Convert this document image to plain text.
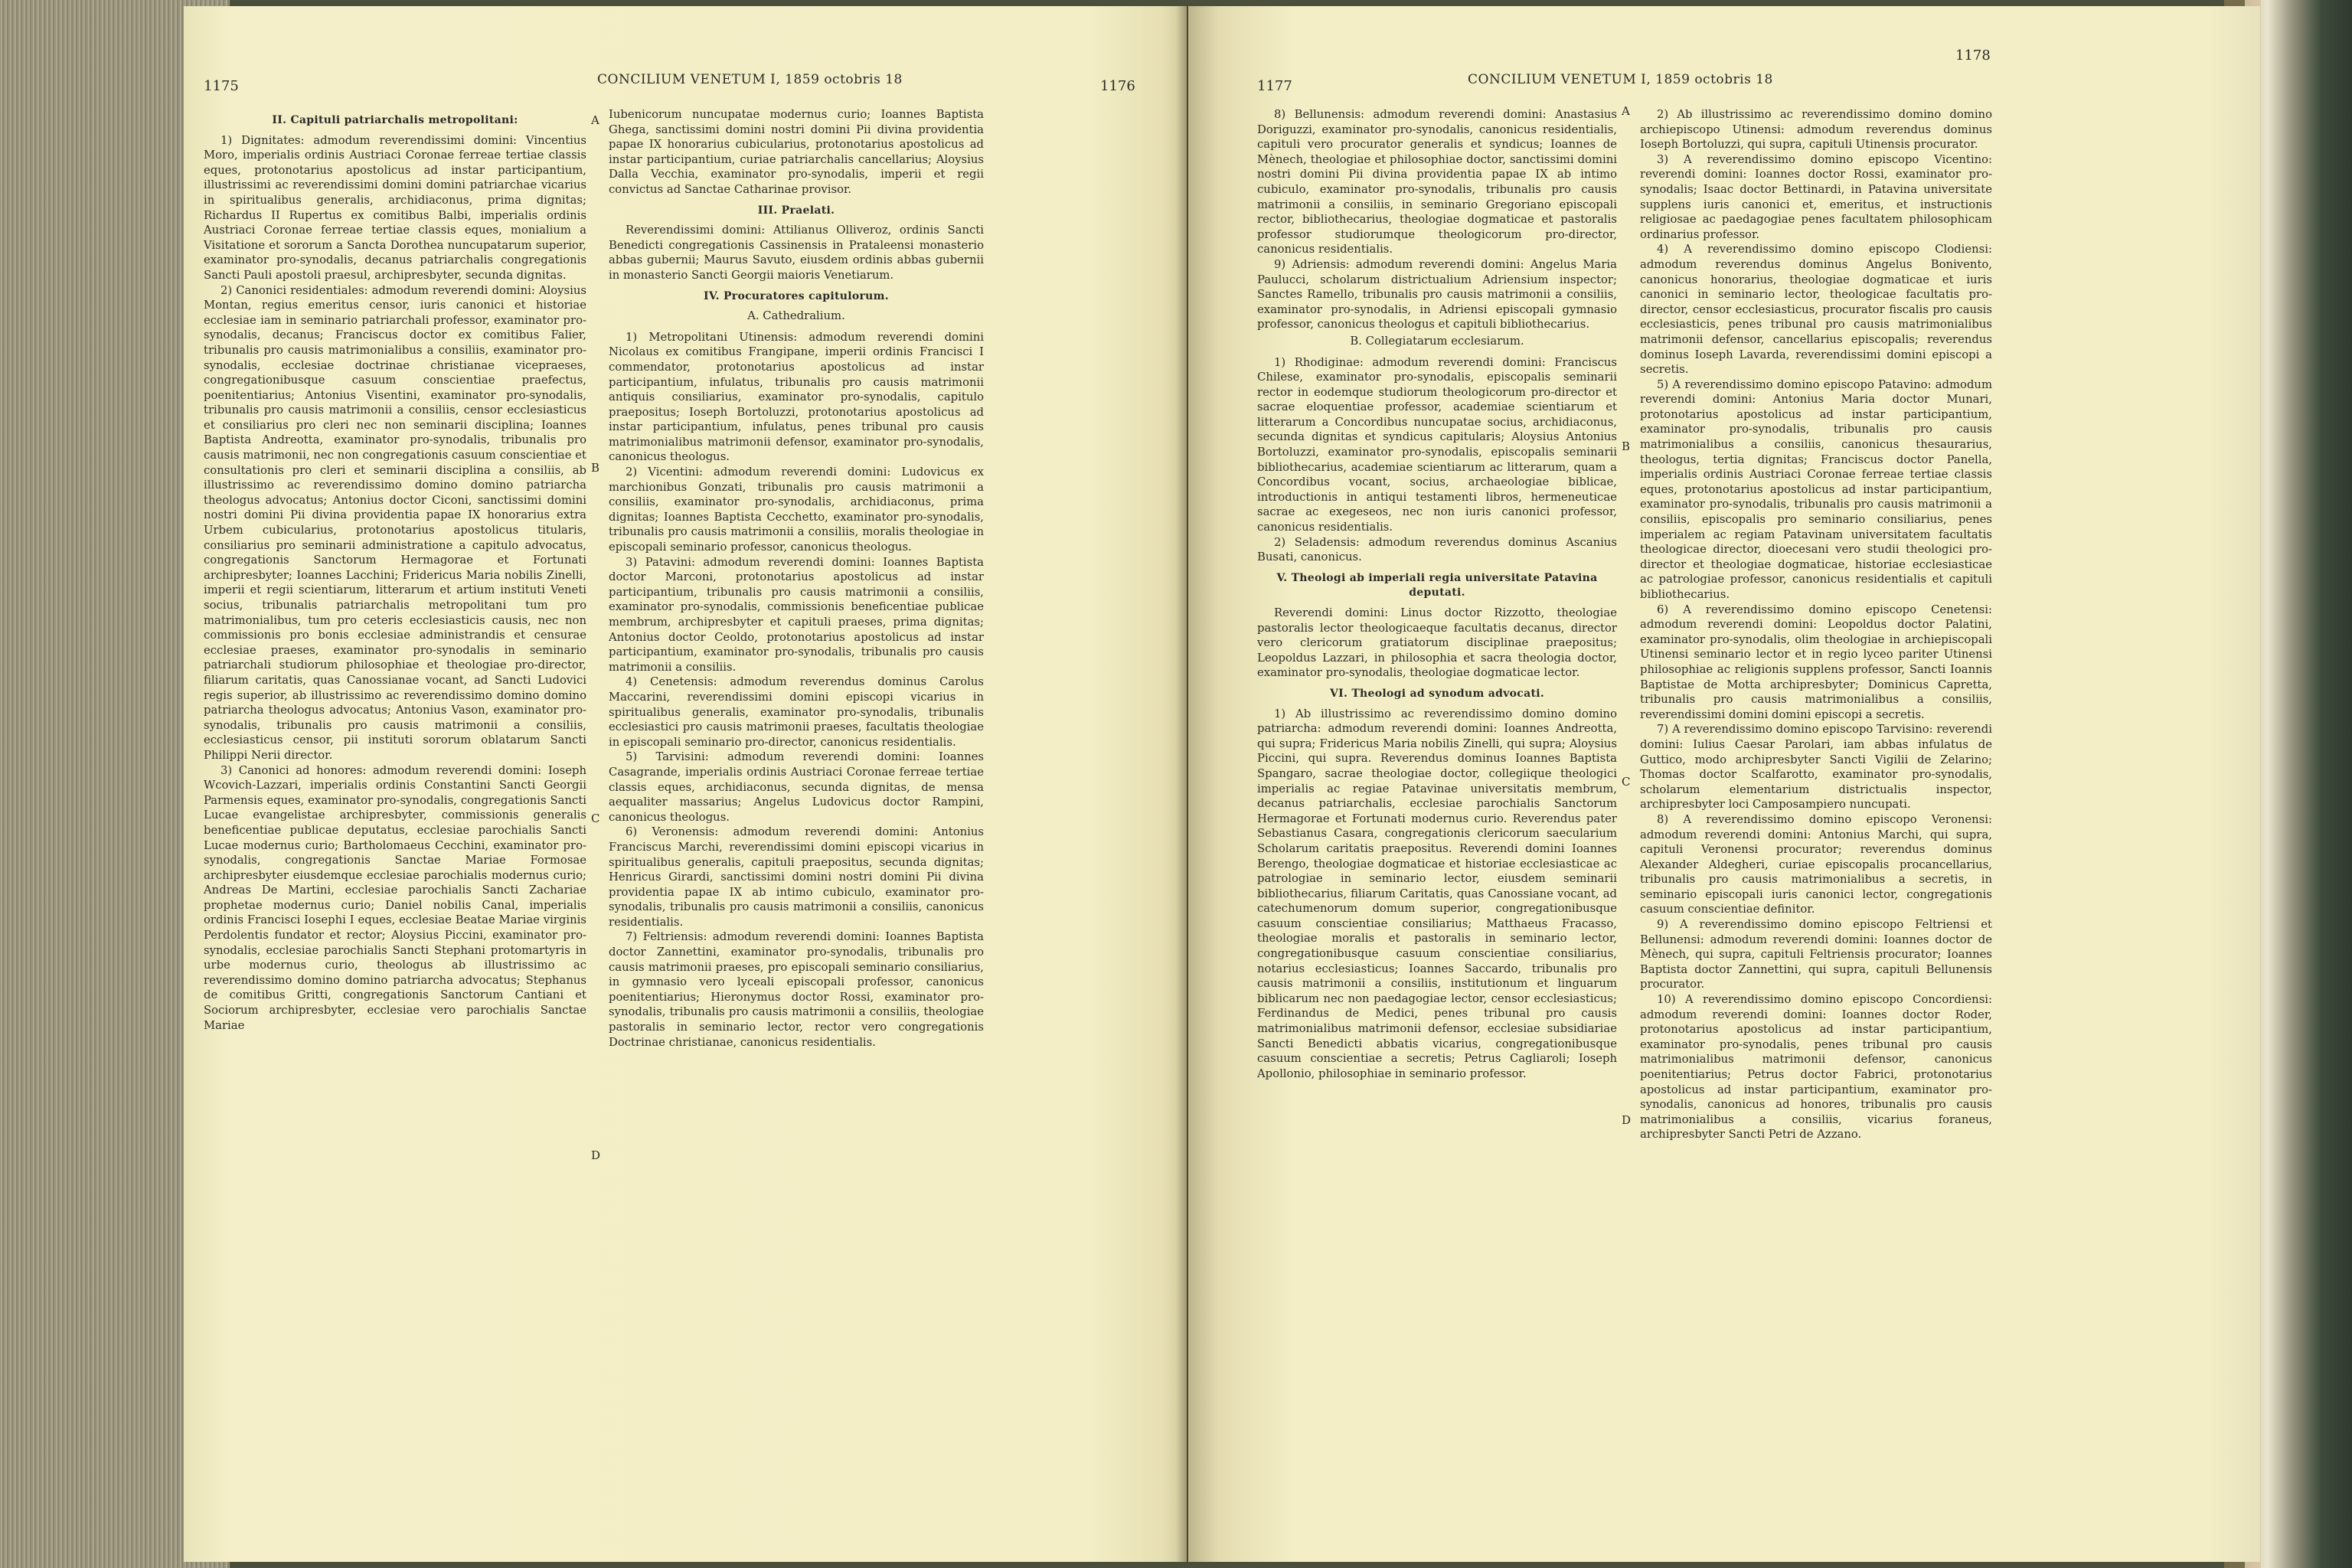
1175	CONCILIUM VENETUM I, 1859 octobris 18	1176
II. Capituli patriarchalis metropolitani:

1) Dignitates: admodum reverendissimi domini: Vincentius Moro, imperialis ordinis Austriaci Coronae ferreae tertiae classis eques, protonotarius apostolicus ad instar participantium, illustrissimi ac reverendissimi domini domini patriarchae vicarius in spiritualibus generalis, archidiaconus, prima dignitas; Richardus II Rupertus ex comitibus Balbi, imperialis ordinis Austriaci Coronae ferreae tertiae classis eques, monialium a Visitatione et sororum a Sancta Dorothea nuncupatarum superior, examinator pro-synodalis, decanus patriarchalis congregationis Sancti Pauli apostoli praesul, archipresbyter, secunda dignitas.

2) Canonici residentiales: admodum reverendi domini: Aloysius Montan, regius emeritus censor, iuris canonici et historiae ecclesiae iam in seminario patriarchali professor, examinator pro-synodalis, decanus; Franciscus doctor ex comitibus Falier, tribunalis pro causis matrimonialibus a consiliis, examinator pro-synodalis, ecclesiae doctrinae christianae vicepraeses, congregationibusque casuum conscientiae praefectus, poenitentiarius; Antonius Visentini, examinator pro-synodalis, tribunalis pro causis matrimonii a consiliis, censor ecclesiasticus et consiliarius pro cleri nec non seminarii disciplina; Ioannes Baptista Andreotta, examinator pro-synodalis, tribunalis pro causis matrimonii, nec non congregationis casuum conscientiae et consultationis pro cleri et seminarii disciplina a consiliis, ab illustrissimo ac reverendissimo domino domino patriarcha theologus advocatus; Antonius doctor Ciconi, sanctissimi domini nostri domini Pii divina providentia papae IX honorarius extra Urbem cubicularius, protonotarius apostolicus titularis, consiliarius pro seminarii administratione a capitulo advocatus, congregationis Sanctorum Hermagorae et Fortunati archipresbyter; Ioannes Lacchini; Fridericus Maria nobilis Zinelli, imperii et regii scientiarum, litterarum et artium instituti Veneti socius, tribunalis patriarchalis metropolitani tum pro matrimonialibus, tum pro ceteris ecclesiasticis causis, nec non commissionis pro bonis ecclesiae administrandis et censurae ecclesiae praeses, examinator pro-synodalis in seminario patriarchali studiorum philosophiae et theologiae pro-director, filiarum caritatis, quas Canossianae vocant, ad Sancti Ludovici regis superior, ab illustrissimo ac reverendissimo domino domino patriarcha theologus advocatus; Antonius Vason, examinator pro-synodalis, tribunalis pro causis matrimonii a consiliis, ecclesiasticus censor, pii instituti sororum oblatarum Sancti Philippi Nerii director.

3) Canonici ad honores: admodum reverendi domini: Ioseph Wcovich-Lazzari, imperialis ordinis Constantini Sancti Georgii Parmensis eques, examinator pro-synodalis, congregationis Sancti Lucae evangelistae archipresbyter, commissionis generalis beneficentiae publicae deputatus, ecclesiae parochialis Sancti Lucae modernus curio; Bartholomaeus Cecchini, examinator pro-synodalis, congregationis Sanctae Mariae Formosae archipresbyter eiusdemque ecclesiae parochialis modernus curio; Andreas De Martini, ecclesiae parochialis Sancti Zachariae prophetae modernus curio; Daniel nobilis Canal, imperialis ordinis Francisci Iosephi I eques, ecclesiae Beatae Mariae virginis Perdolentis fundator et rector; Aloysius Piccini, examinator pro-synodalis, ecclesiae parochialis Sancti Stephani protomartyris in urbe modernus curio, theologus ab illustrissimo ac reverendissimo domino domino patriarcha advocatus; Stephanus de comitibus Gritti, congregationis Sanctorum Cantiani et Sociorum archipresbyter, ecclesiae vero parochialis Sanctae Mariae

Iubenicorum nuncupatae modernus curio; Ioannes Baptista Ghega, sanctissimi domini nostri domini Pii divina providentia papae IX honorarius cubicularius, protonotarius apostolicus ad instar participantium, curiae patriarchalis cancellarius; Aloysius Dalla Vecchia, examinator pro-synodalis, imperii et regii convictus ad Sanctae Catharinae provisor.

III. Praelati.

Reverendissimi domini: Attilianus Olliveroz, ordinis Sancti Benedicti congregationis Cassinensis in Prataleensi monasterio abbas gubernii; Maurus Savuto, eiusdem ordinis abbas gubernii in monasterio Sancti Georgii maioris Venetiarum.

IV. Procuratores capitulorum.

A. Cathedralium.

1) Metropolitani Utinensis: admodum reverendi domini Nicolaus ex comitibus Frangipane, imperii ordinis Francisci I commendator, protonotarius apostolicus ad instar participantium, infulatus, tribunalis pro causis matrimonii antiquis consiliarius, examinator pro-synodalis, capitulo praepositus; Ioseph Bortoluzzi, protonotarius apostolicus ad instar participantium, infulatus, penes tribunal pro causis matrimonialibus matrimonii defensor, examinator pro-synodalis, canonicus theologus.

2) Vicentini: admodum reverendi domini: Ludovicus ex marchionibus Gonzati, tribunalis pro causis matrimonii a consiliis, examinator pro-synodalis, archidiaconus, prima dignitas; Ioannes Baptista Cecchetto, examinator pro-synodalis, tribunalis pro causis matrimonii a consiliis, moralis theologiae in episcopali seminario professor, canonicus theologus.

3) Patavini: admodum reverendi domini: Ioannes Baptista doctor Marconi, protonotarius apostolicus ad instar participantium, tribunalis pro causis matrimonii a consiliis, examinator pro-synodalis, commissionis beneficentiae publicae membrum, archipresbyter et capituli praeses, prima dignitas; Antonius doctor Ceoldo, protonotarius apostolicus ad instar participantium, examinator pro-synodalis, tribunalis pro causis matrimonii a consiliis.

4) Cenetensis: admodum reverendus dominus Carolus Maccarini, reverendissimi domini episcopi vicarius in spiritualibus generalis, examinator pro-synodalis, tribunalis ecclesiastici pro causis matrimonii praeses, facultatis theologiae in episcopali seminario pro-director, canonicus residentialis.

5) Tarvisini: admodum reverendi domini: Ioannes Casagrande, imperialis ordinis Austriaci Coronae ferreae tertiae classis eques, archidiaconus, secunda dignitas, de mensa aequaliter massarius; Angelus Ludovicus doctor Rampini, canonicus theologus.

6) Veronensis: admodum reverendi domini: Antonius Franciscus Marchi, reverendissimi domini episcopi vicarius in spiritualibus generalis, capituli praepositus, secunda dignitas; Henricus Girardi, sanctissimi domini nostri domini Pii divina providentia papae IX ab intimo cubiculo, examinator pro-synodalis, tribunalis pro causis matrimonii a consiliis, canonicus residentialis.

7) Feltriensis: admodum reverendi domini: Ioannes Baptista doctor Zannettini, examinator pro-synodalis, tribunalis pro causis matrimonii praeses, pro episcopali seminario consiliarius, in gymnasio vero lyceali episcopali professor, canonicus poenitentiarius; Hieronymus doctor Rossi, examinator pro-synodalis, tribunalis pro causis matrimonii a consiliis, theologiae pastoralis in seminario lector, rector vero congregationis Doctrinae christianae, canonicus residentialis.

A
B
C
D
1177	CONCILIUM VENETUM I, 1859 octobris 18
1178

8) Bellunensis: admodum reverendi domini: Anastasius Doriguzzi, examinator pro-synodalis, canonicus residentialis, capituli vero procurator generalis et syndicus; Ioannes de Mènech, theologiae et philosophiae doctor, sanctissimi domini nostri domini Pii divina providentia papae IX ab intimo cubiculo, examinator pro-synodalis, tribunalis pro causis matrimonii a consiliis, in seminario Gregoriano episcopali rector, bibliothecarius, theologiae dogmaticae et pastoralis professor studiorumque theologicorum pro-director, canonicus residentialis.

9) Adriensis: admodum reverendi domini: Angelus Maria Paulucci, scholarum districtualium Adriensium inspector; Sanctes Ramello, tribunalis pro causis matrimonii a consiliis, examinator pro-synodalis, in Adriensi episcopali gymnasio professor, canonicus theologus et capituli bibliothecarius.

B. Collegiatarum ecclesiarum.

1) Rhodiginae: admodum reverendi domini: Franciscus Chilese, examinator pro-synodalis, episcopalis seminarii rector in eodemque studiorum theologicorum pro-director et sacrae eloquentiae professor, academiae scientiarum et litterarum a Concordibus nuncupatae socius, archidiaconus, secunda dignitas et syndicus capitularis; Aloysius Antonius Bortoluzzi, examinator pro-synodalis, episcopalis seminarii bibliothecarius, academiae scientiarum ac litterarum, quam a Concordibus vocant, socius, archaeologiae biblicae, introductionis in antiqui testamenti libros, hermeneuticae sacrae ac exegeseos, nec non iuris canonici professor, canonicus residentialis.

2) Seladensis: admodum reverendus dominus Ascanius Busati, canonicus.

V. Theologi ab imperiali regia universitate Patavina deputati.

Reverendi domini: Linus doctor Rizzotto, theologiae pastoralis lector theologicaeque facultatis decanus, director vero clericorum gratiatorum disciplinae praepositus; Leopoldus Lazzari, in philosophia et sacra theologia doctor, examinator pro-synodalis, theologiae dogmaticae lector.

VI. Theologi ad synodum advocati.

1) Ab illustrissimo ac reverendissimo domino domino patriarcha: admodum reverendi domini: Ioannes Andreotta, qui supra; Fridericus Maria nobilis Zinelli, qui supra; Aloysius Piccini, qui supra. Reverendus dominus Ioannes Baptista Spangaro, sacrae theologiae doctor, collegiique theologici imperialis ac regiae Patavinae universitatis membrum, decanus patriarchalis, ecclesiae parochialis Sanctorum Hermagorae et Fortunati modernus curio. Reverendus pater Sebastianus Casara, congregationis clericorum saecularium Scholarum caritatis praepositus. Reverendi domini Ioannes Berengo, theologiae dogmaticae et historiae ecclesiasticae ac patrologiae in seminario lector, eiusdem seminarii bibliothecarius, filiarum Caritatis, quas Canossiane vocant, ad catechumenorum domum superior, congregationibusque casuum conscientiae consiliarius; Matthaeus Fracasso, theologiae moralis et pastoralis in seminario lector, congregationibusque casuum conscientiae consiliarius, notarius ecclesiasticus; Ioannes Saccardo, tribunalis pro causis matrimonii a consiliis, institutionum et linguarum biblicarum nec non paedagogiae lector, censor ecclesiasticus; Ferdinandus de Medici, penes tribunal pro causis matrimonialibus matrimonii defensor, ecclesiae subsidiariae Sancti Benedicti abbatis vicarius, congregationibusque casuum conscientiae a secretis; Petrus Cagliaroli; Ioseph Apollonio, philosophiae in seminario professor.

2) Ab illustrissimo ac reverendissimo domino domino archiepiscopo Utinensi: admodum reverendus dominus Ioseph Bortoluzzi, qui supra, capituli Utinensis procurator.

3) A reverendissimo domino episcopo Vicentino: reverendi domini: Ioannes doctor Rossi, examinator pro-synodalis; Isaac doctor Bettinardi, in Patavina universitate supplens iuris canonici et, emeritus, et instructionis religiosae ac paedagogiae penes facultatem philosophicam ordinarius professor.

4) A reverendissimo domino episcopo Clodiensi: admodum reverendus dominus Angelus Bonivento, canonicus honorarius, theologiae dogmaticae et iuris canonici in seminario lector, theologicae facultatis pro-director, censor ecclesiasticus, procurator fiscalis pro causis ecclesiasticis, penes tribunal pro causis matrimonialibus matrimonii defensor, cancellarius episcopalis; reverendus dominus Ioseph Lavarda, reverendissimi domini episcopi a secretis.

5) A reverendissimo domino episcopo Patavino: admodum reverendi domini: Antonius Maria doctor Munari, protonotarius apostolicus ad instar participantium, examinator pro-synodalis, tribunalis pro causis matrimonialibus a consiliis, canonicus thesaurarius, theologus, tertia dignitas; Franciscus doctor Panella, imperialis ordinis Austriaci Coronae ferreae tertiae classis eques, protonotarius apostolicus ad instar participantium, examinator pro-synodalis, tribunalis pro causis matrimonii a consiliis, episcopalis pro seminario consiliarius, penes imperialem ac regiam Patavinam universitatem facultatis theologicae director, dioecesani vero studii theologici pro-director et theologiae dogmaticae, historiae ecclesiasticae ac patrologiae professor, canonicus residentialis et capituli bibliothecarius.

6) A reverendissimo domino episcopo Cenetensi: admodum reverendi domini: Leopoldus doctor Palatini, examinator pro-synodalis, olim theologiae in archiepiscopali Utinensi seminario lector et in regio lyceo pariter Utinensi philosophiae ac religionis supplens professor, Sancti Ioannis Baptistae de Motta archipresbyter; Dominicus Capretta, tribunalis pro causis matrimonialibus a consiliis, reverendissimi domini domini episcopi a secretis.

7) A reverendissimo domino episcopo Tarvisino: reverendi domini: Iulius Caesar Parolari, iam abbas infulatus de Guttico, modo archipresbyter Sancti Vigilii de Zelarino; Thomas doctor Scalfarotto, examinator pro-synodalis, scholarum elementarium districtualis inspector, archipresbyter loci Camposampiero nuncupati.

8) A reverendissimo domino episcopo Veronensi: admodum reverendi domini: Antonius Marchi, qui supra, capituli Veronensi procurator; reverendus dominus Alexander Aldegheri, curiae episcopalis procancellarius, tribunalis pro causis matrimonialibus a secretis, in seminario episcopali iuris canonici lector, congregationis casuum conscientiae definitor.

9) A reverendissimo domino episcopo Feltriensi et Bellunensi: admodum reverendi domini: Ioannes doctor de Mènech, qui supra, capituli Feltriensis procurator; Ioannes Baptista doctor Zannettini, qui supra, capituli Bellunensis procurator.

10) A reverendissimo domino episcopo Concordiensi: admodum reverendi domini: Ioannes doctor Roder, protonotarius apostolicus ad instar participantium, examinator pro-synodalis, penes tribunal pro causis matrimonialibus matrimonii defensor, canonicus poenitentiarius; Petrus doctor Fabrici, protonotarius apostolicus ad instar participantium, examinator pro-synodalis, canonicus ad honores, tribunalis pro causis matrimonialibus a consiliis, vicarius foraneus, archipresbyter Sancti Petri de Azzano.

A
B
C
D
